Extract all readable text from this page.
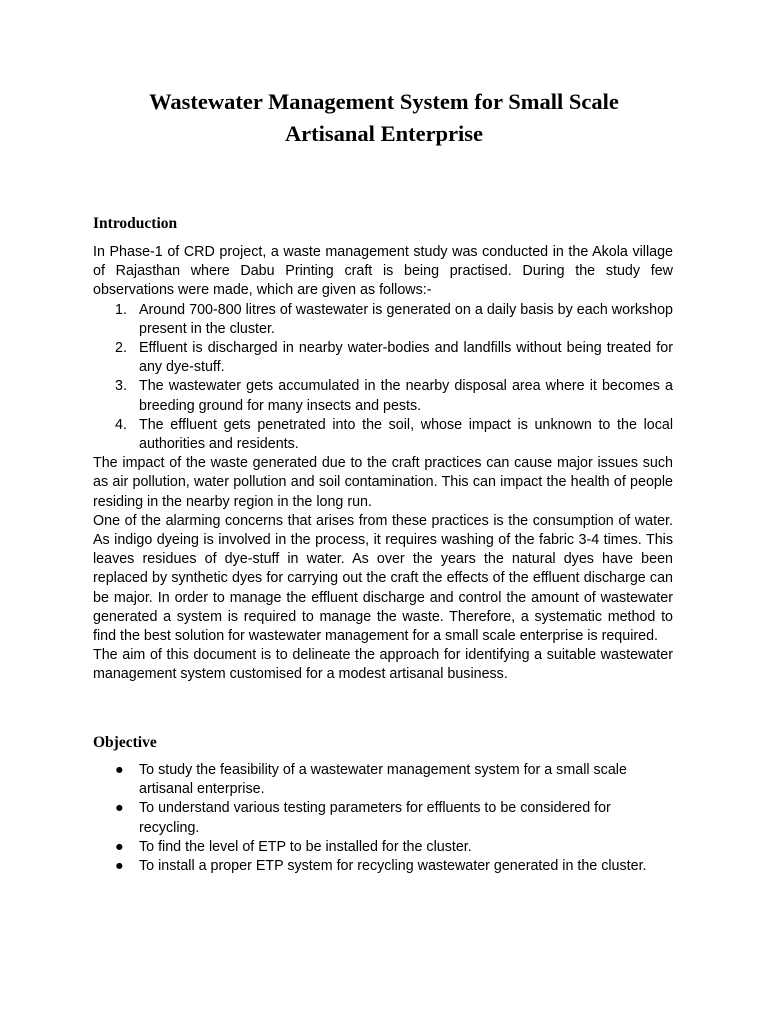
Wastewater Management System for Small Scale
Artisanal Enterprise
Introduction

In Phase-1 of CRD project, a waste management study was conducted in the Akola village of Rajasthan where Dabu Printing craft is being practised. During the study few observations were made, which are given as follows:-

1. Around 700-800 litres of wastewater is generated on a daily basis by each workshop present in the cluster.
2. Effluent is discharged in nearby water-bodies and landfills without being treated for any dye-stuff.
3. The wastewater gets accumulated in the nearby disposal area where it becomes a breeding ground for many insects and pests.
4. The effluent gets penetrated into the soil, whose impact is unknown to the local authorities and residents.

The impact of the waste generated due to the craft practices can cause major issues such as air pollution, water pollution and soil contamination. This can impact the health of people residing in the nearby region in the long run.

One of the alarming concerns that arises from these practices is the consumption of water. As indigo dyeing is involved in the process, it requires washing of the fabric 3-4 times. This leaves residues of dye-stuff in water. As over the years the natural dyes have been replaced by synthetic dyes for carrying out the craft the effects of the effluent discharge can be major. In order to manage the effluent discharge and control the amount of wastewater generated a system is required to manage the waste. Therefore, a systematic method to find the best solution for wastewater management for a small scale enterprise is required.

The aim of this document is to delineate the approach for identifying a suitable wastewater management system customised for a modest artisanal business.

Objective
● To study the feasibility of a wastewater management system for a small scale artisanal enterprise.
● To understand various testing parameters for effluents to be considered for recycling.
● To find the level of ETP to be installed for the cluster.
● To install a proper ETP system for recycling wastewater generated in the cluster.
